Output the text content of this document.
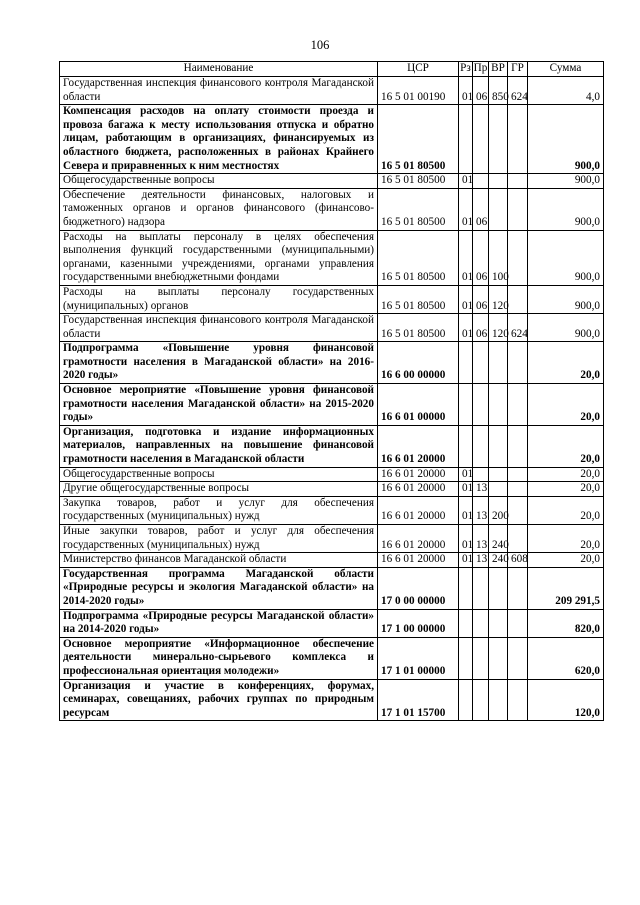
106
Наименование	ЦСР	Рз	Пр	ВР	ГР	Сумма
Государственная инспекция финансового контроля Магаданской области	16 5 01 00190	01	06	850	624	4,0
Компенсация расходов на оплату стоимости проезда и провоза багажа к месту использования отпуска и обратно лицам, работающим в организациях, финансируемых из областного бюджета, расположенных в районах Крайнего Севера и приравненных к ним местностях	16 5 01 80500					900,0
Общегосударственные вопросы	16 5 01 80500	01				900,0
Обеспечение деятельности финансовых, налоговых и таможенных органов и органов финансового (финансово-бюджетного) надзора	16 5 01 80500	01	06			900,0
Расходы на выплаты персоналу в целях обеспечения выполнения функций государственными (муниципальными) органами, казенными учреждениями, органами управления государственными внебюджетными фондами	16 5 01 80500	01	06	100		900,0
Расходы на выплаты персоналу государственных (муниципальных) органов	16 5 01 80500	01	06	120		900,0
Государственная инспекция финансового контроля Магаданской области	16 5 01 80500	01	06	120	624	900,0
Подпрограмма «Повышение уровня финансовой грамотности населения в Магаданской области» на 2016-2020 годы»	16 6 00 00000					20,0
Основное мероприятие «Повышение уровня финансовой грамотности населения Магаданской области» на 2015-2020 годы»	16 6 01 00000					20,0
Организация, подготовка и издание информационных материалов, направленных на повышение финансовой грамотности населения в Магаданской области	16 6 01 20000					20,0
Общегосударственные вопросы	16 6 01 20000	01				20,0
Другие общегосударственные вопросы	16 6 01 20000	01	13			20,0
Закупка товаров, работ и услуг для обеспечения государственных (муниципальных) нужд	16 6 01 20000	01	13	200		20,0
Иные закупки товаров, работ и услуг для обеспечения государственных (муниципальных) нужд	16 6 01 20000	01	13	240		20,0
Министерство финансов Магаданской области	16 6 01 20000	01	13	240	608	20,0
Государственная программа Магаданской области «Природные ресурсы и экология Магаданской области» на 2014-2020 годы»	17 0 00 00000					209 291,5
Подпрограмма «Природные ресурсы Магаданской области» на 2014-2020 годы»	17 1 00 00000					820,0
Основное мероприятие «Информационное обеспечение деятельности минерально-сырьевого комплекса и профессиональная ориентация молодежи»	17 1 01 00000					620,0
Организация и участие в конференциях, форумах, семинарах, совещаниях, рабочих группах по природным ресурсам	17 1 01 15700					120,0
